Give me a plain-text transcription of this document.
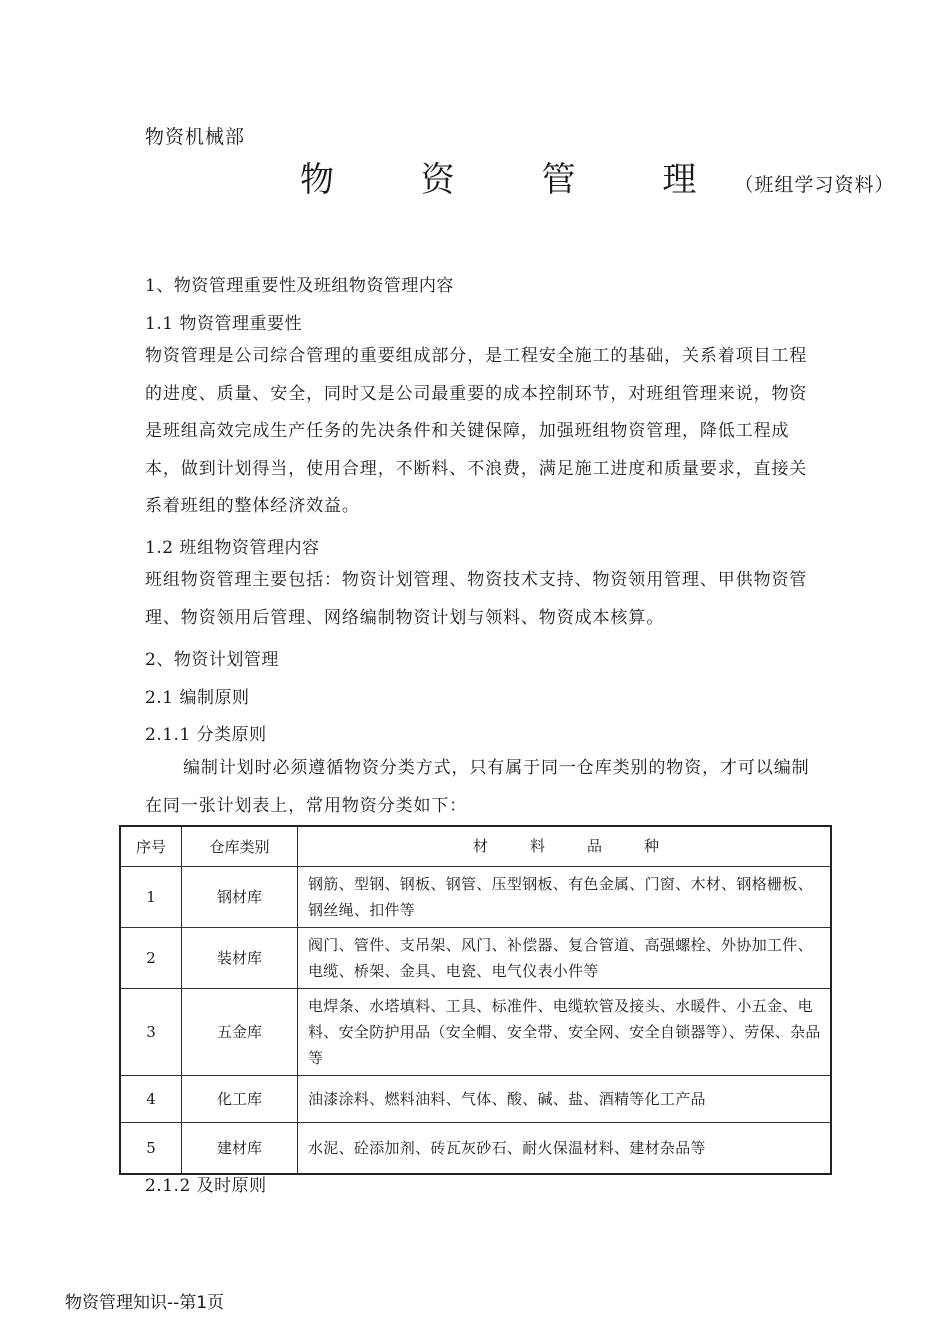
物资机械部
物 资 管 理（班组学习资料）
1、物资管理重要性及班组物资管理内容
1.1 物资管理重要性
物资管理是公司综合管理的重要组成部分，是工程安全施工的基础，关系着项目工程的进度、质量、安全，同时又是公司最重要的成本控制环节，对班组管理来说，物资是班组高效完成生产任务的先决条件和关键保障，加强班组物资管理，降低工程成本，做到计划得当，使用合理，不断料、不浪费，满足施工进度和质量要求，直接关系着班组的整体经济效益。
1.2 班组物资管理内容
班组物资管理主要包括：物资计划管理、物资技术支持、物资领用管理、甲供物资管理、物资领用后管理、网络编制物资计划与领料、物资成本核算。
2、物资计划管理
2.1 编制原则
2.1.1 分类原则
编制计划时必须遵循物资分类方式，只有属于同一仓库类别的物资，才可以编制在同一张计划表上，常用物资分类如下：
序号	仓库类别	材料品种
1	钢材库	钢筋、型钢、钢板、钢管、压型钢板、有色金属、门窗、木材、钢格栅板、钢丝绳、扣件等
2	装材库	阀门、管件、支吊架、风门、补偿器、复合管道、高强螺栓、外协加工件、电缆、桥架、金具、电瓷、电气仪表小件等
3	五金库	电焊条、水塔填料、工具、标准件、电缆软管及接头、水暖件、小五金、电料、安全防护用品（安全帽、安全带、安全网、安全自锁器等）、劳保、杂品等
4	化工库	油漆涂料、燃料油料、气体、酸、碱、盐、酒精等化工产品
5	建材库	水泥、砼添加剂、砖瓦灰砂石、耐火保温材料、建材杂品等
2.1.2 及时原则
物资管理知识--第1页
